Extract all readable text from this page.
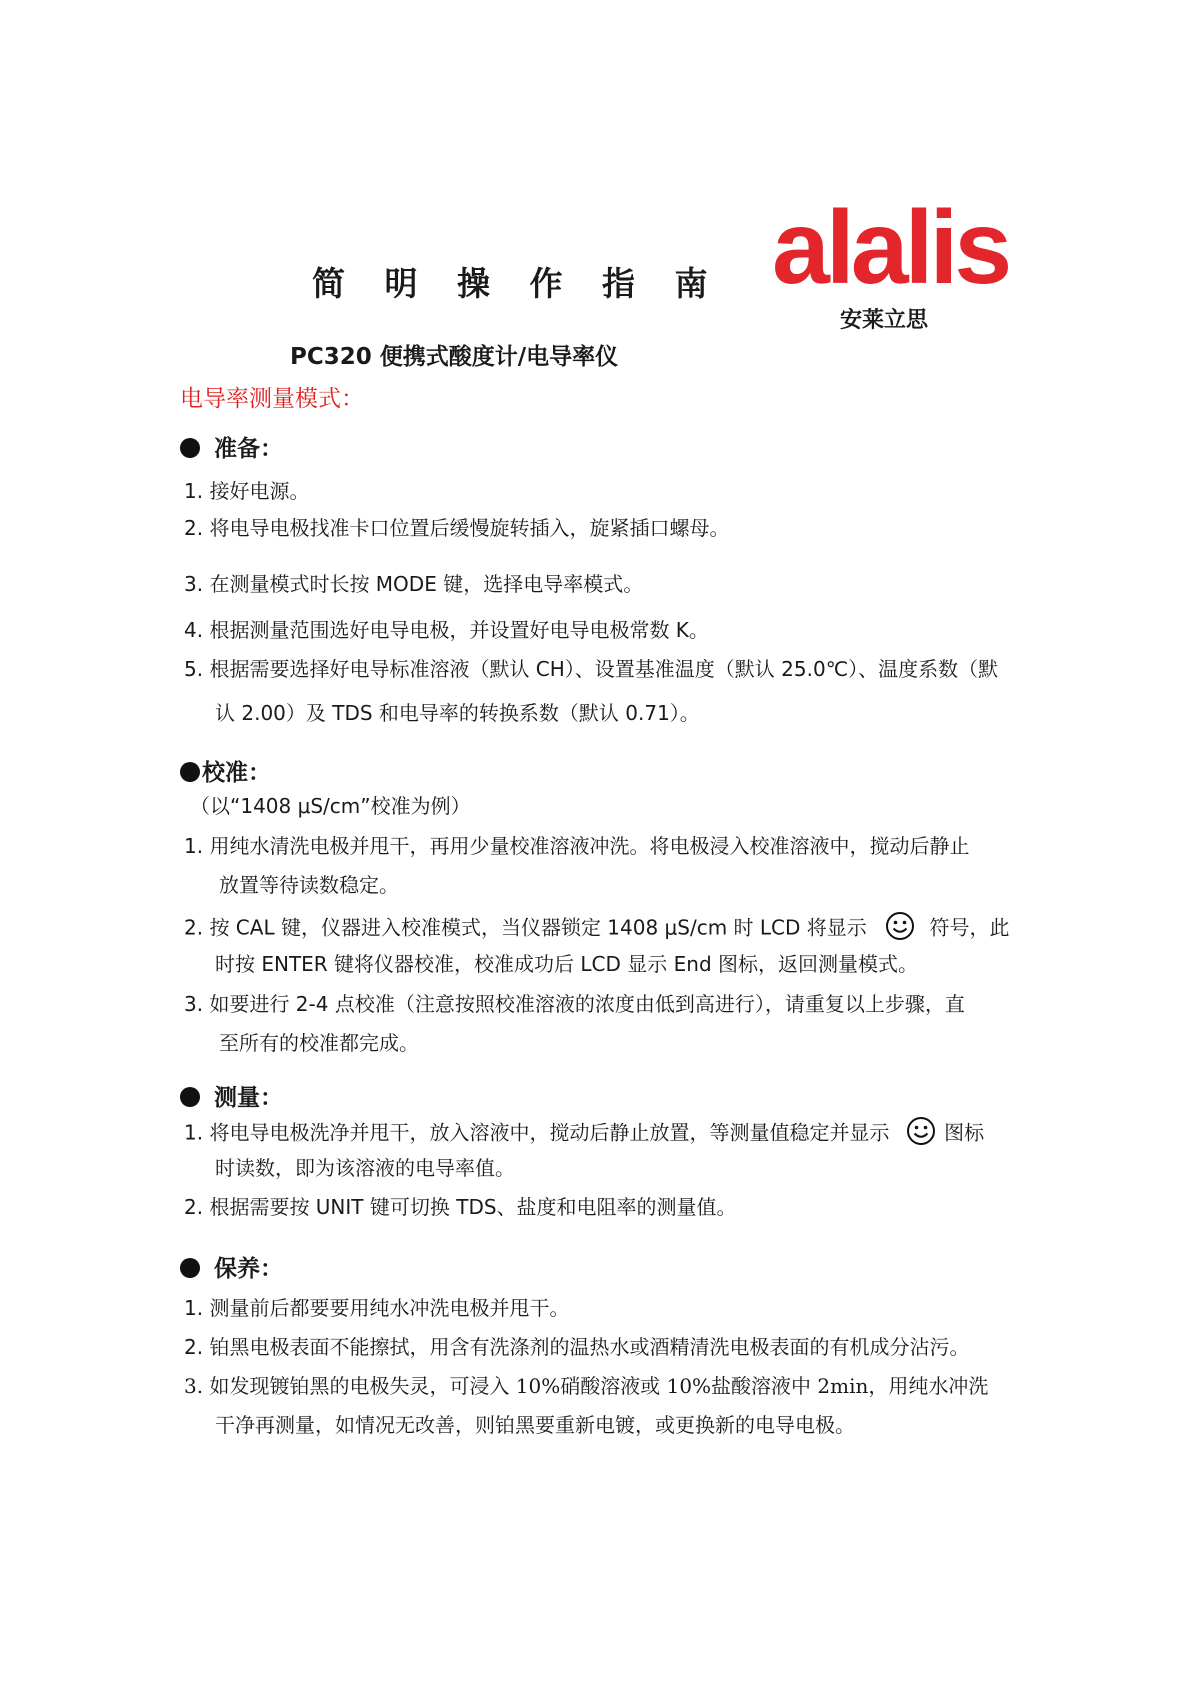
简 明 操 作 指 南 alalis
安莱立思
PC320 便携式酸度计/电导率仪
电导率测量模式：
准备：
1. 接好电源。
2. 将电导电极找准卡口位置后缓慢旋转插入，旋紧插口螺母。
3. 在测量模式时长按 MODE 键，选择电导率模式。
4. 根据测量范围选好电导电极，并设置好电导电极常数 K。
5. 根据需要选择好电导标准溶液（默认 CH）、设置基准温度（默认 25.0℃）、温度系数（默
认 2.00）及 TDS 和电导率的转换系数（默认 0.71）。
校准：
（以“1408 μS/cm”校准为例）
1. 用纯水清洗电极并甩干，再用少量校准溶液冲洗。将电极浸入校准溶液中，搅动后静止
放置等待读数稳定。
2. 按 CAL 键，仪器进入校准模式，当仪器锁定 1408 μS/cm 时 LCD 将显示	符号，此
时按 ENTER 键将仪器校准，校准成功后 LCD 显示 End 图标，返回测量模式。
3. 如要进行 2-4 点校准（注意按照校准溶液的浓度由低到高进行），请重复以上步骤，直
至所有的校准都完成。
测量：
1. 将电导电极洗净并甩干，放入溶液中，搅动后静止放置，等测量值稳定并显示	图标
时读数，即为该溶液的电导率值。
2. 根据需要按 UNIT 键可切换 TDS、盐度和电阻率的测量值。
保养：
1. 测量前后都要要用纯水冲洗电极并甩干。
2. 铂黑电极表面不能擦拭，用含有洗涤剂的温热水或酒精清洗电极表面的有机成分沾污。
3. 如发现镀铂黑的电极失灵，可浸入 10%硝酸溶液或 10%盐酸溶液中 2min，用纯水冲洗
干净再测量，如情况无改善，则铂黑要重新电镀，或更换新的电导电极。
